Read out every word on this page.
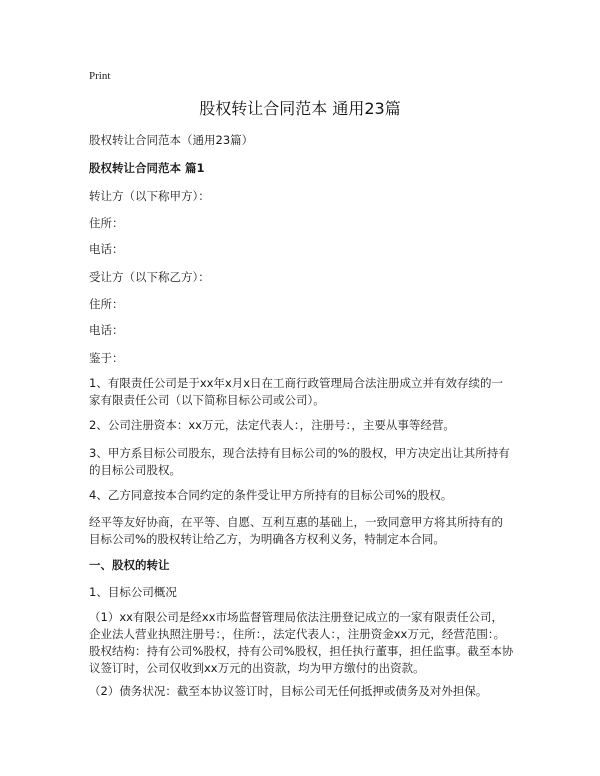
Print
股权转让合同范本 通用23篇
股权转让合同范本（通用23篇）
股权转让合同范本 篇1
转让方（以下称甲方）：
住所：
电话：
受让方（以下称乙方）：
住所：
电话：
鉴于：
1、有限责任公司是于xx年x月x日在工商行政管理局合法注册成立并有效存续的一家有限责任公司（以下简称目标公司或公司）。
2、公司注册资本：xx万元，法定代表人：，注册号：，主要从事等经营。
3、甲方系目标公司股东，现合法持有目标公司的%的股权，甲方决定出让其所持有的目标公司股权。
4、乙方同意按本合同约定的条件受让甲方所持有的目标公司%的股权。
经平等友好协商，在平等、自愿、互利互惠的基础上，一致同意甲方将其所持有的目标公司%的股权转让给乙方，为明确各方权利义务，特制定本合同。
一、股权的转让
1、目标公司概况
（1）xx有限公司是经xx市场监督管理局依法注册登记成立的一家有限责任公司，企业法人营业执照注册号：，住所：，法定代表人：，注册资金xx万元，经营范围：。股权结构：持有公司%股权，持有公司%股权，担任执行董事，担任监事。截至本协议签订时，公司仅收到xx万元的出资款，均为甲方缴付的出资款。
（2）债务状况：截至本协议签订时，目标公司无任何抵押或债务及对外担保。
